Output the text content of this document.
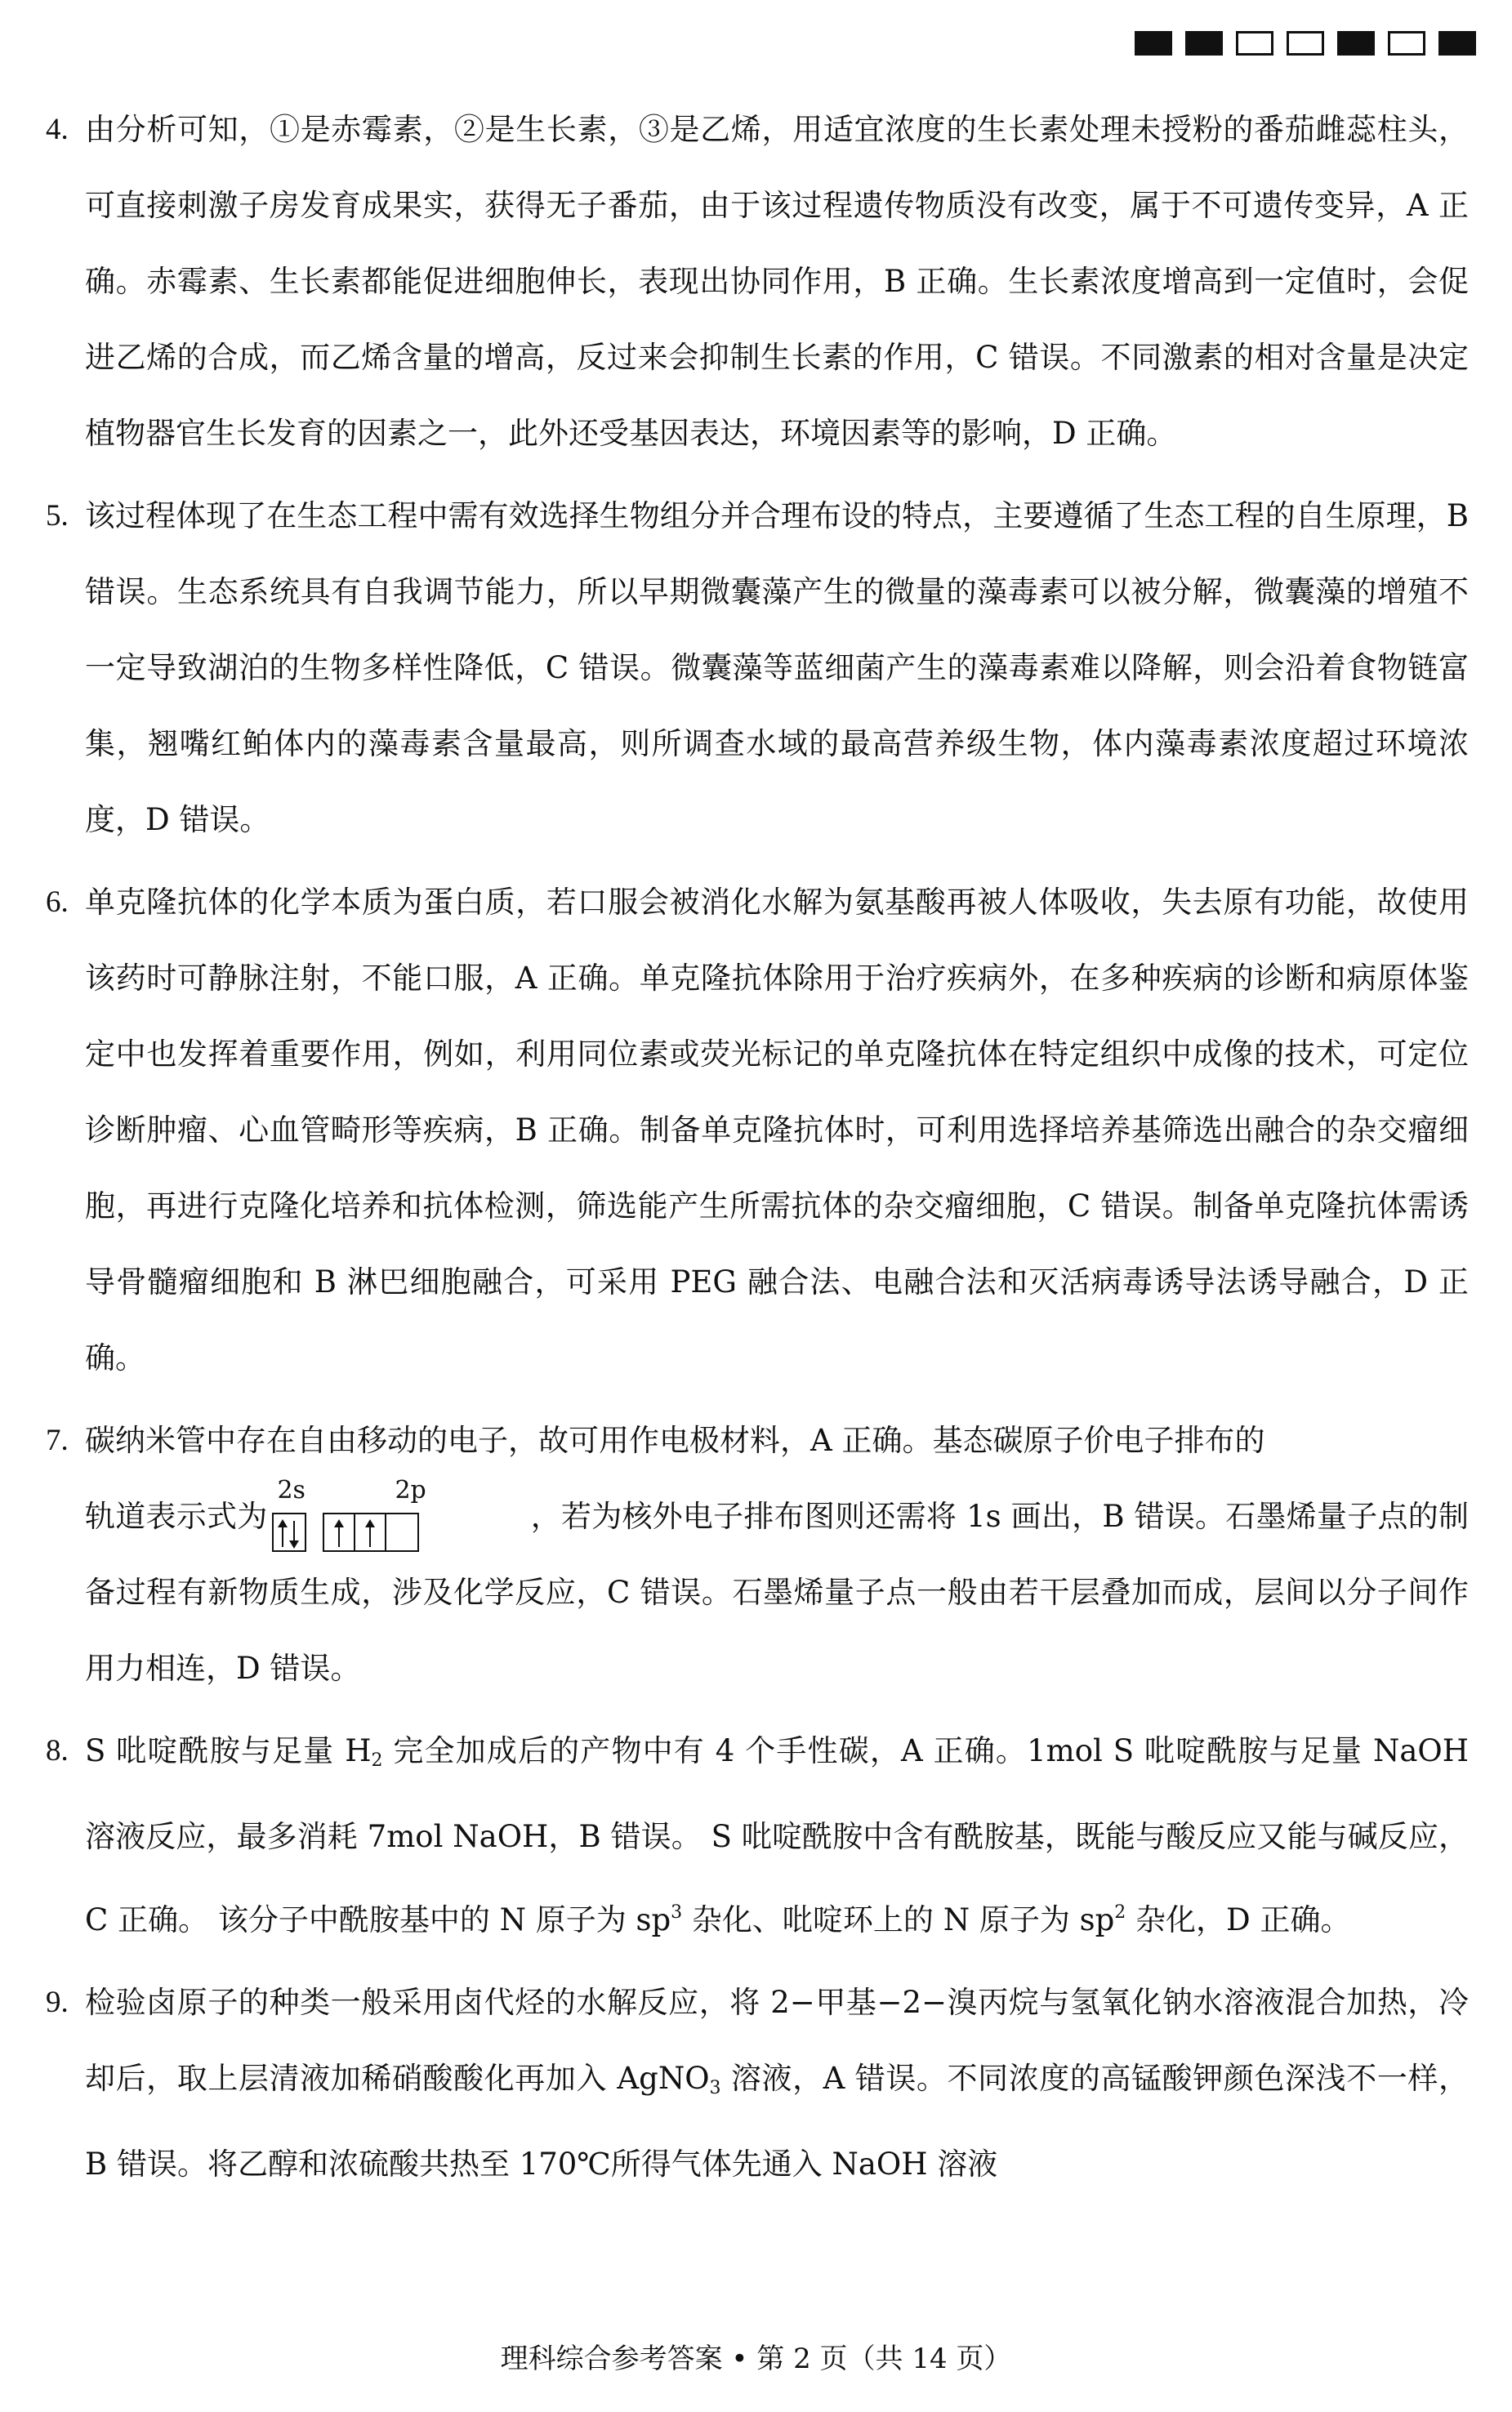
4. 由分析可知，①是赤霉素，②是生长素，③是乙烯，用适宜浓度的生长素处理未授粉的番茄雌蕊柱头，可直接刺激子房发育成果实，获得无子番茄，由于该过程遗传物质没有改变，属于不可遗传变异，A 正确。赤霉素、生长素都能促进细胞伸长，表现出协同作用，B 正确。生长素浓度增高到一定值时，会促进乙烯的合成，而乙烯含量的增高，反过来会抑制生长素的作用，C 错误。不同激素的相对含量是决定植物器官生长发育的因素之一，此外还受基因表达，环境因素等的影响，D 正确。

5. 该过程体现了在生态工程中需有效选择生物组分并合理布设的特点，主要遵循了生态工程的自生原理，B 错误。生态系统具有自我调节能力，所以早期微囊藻产生的微量的藻毒素可以被分解，微囊藻的增殖不一定导致湖泊的生物多样性降低，C 错误。微囊藻等蓝细菌产生的藻毒素难以降解，则会沿着食物链富集，翘嘴红鲌体内的藻毒素含量最高，则所调查水域的最高营养级生物，体内藻毒素浓度超过环境浓度，D 错误。

6. 单克隆抗体的化学本质为蛋白质，若口服会被消化水解为氨基酸再被人体吸收，失去原有功能，故使用该药时可静脉注射，不能口服，A 正确。单克隆抗体除用于治疗疾病外，在多种疾病的诊断和病原体鉴定中也发挥着重要作用，例如，利用同位素或荧光标记的单克隆抗体在特定组织中成像的技术，可定位诊断肿瘤、心血管畸形等疾病，B 正确。制备单克隆抗体时，可利用选择培养基筛选出融合的杂交瘤细胞，再进行克隆化培养和抗体检测，筛选能产生所需抗体的杂交瘤细胞，C 错误。制备单克隆抗体需诱导骨髓瘤细胞和 B 淋巴细胞融合，可采用 PEG 融合法、电融合法和灭活病毒诱导法诱导融合，D 正确。

7. 碳纳米管中存在自由移动的电子，故可用作电极材料，A 正确。基态碳原子价电子排布的
轨道表示式为
2s	2p
，若为核外电子排布图则还需将 1s 画出，B 错误。石墨烯量子点的制备过程有新物质生成，涉及化学反应，C 错误。石墨烯量子点一般由若干层叠加而成，层间以分子间作用力相连，D 错误。

8. S 吡啶酰胺与足量 $H_2$ 完全加成后的产物中有 4 个手性碳，A 正确。1mol S 吡啶酰胺与足量 NaOH 溶液反应，最多消耗 7mol NaOH，B 错误。 S 吡啶酰胺中含有酰胺基，既能与酸反应又能与碱反应，C 正确。 该分子中酰胺基中的 N 原子为 $sp^3$ 杂化、吡啶环上的 N 原子为 $sp^2$ 杂化，D 正确。

9. 检验卤原子的种类一般采用卤代烃的水解反应，将 2−甲基−2−溴丙烷与氢氧化钠水溶液混合加热，冷却后，取上层清液加稀硝酸酸化再加入 AgNO$_3$ 溶液，A 错误。不同浓度的高锰酸钾颜色深浅不一样，B 错误。将乙醇和浓硫酸共热至 170℃所得气体先通入 NaOH 溶液

理科综合参考答案 • 第 2 页（共 14 页）
